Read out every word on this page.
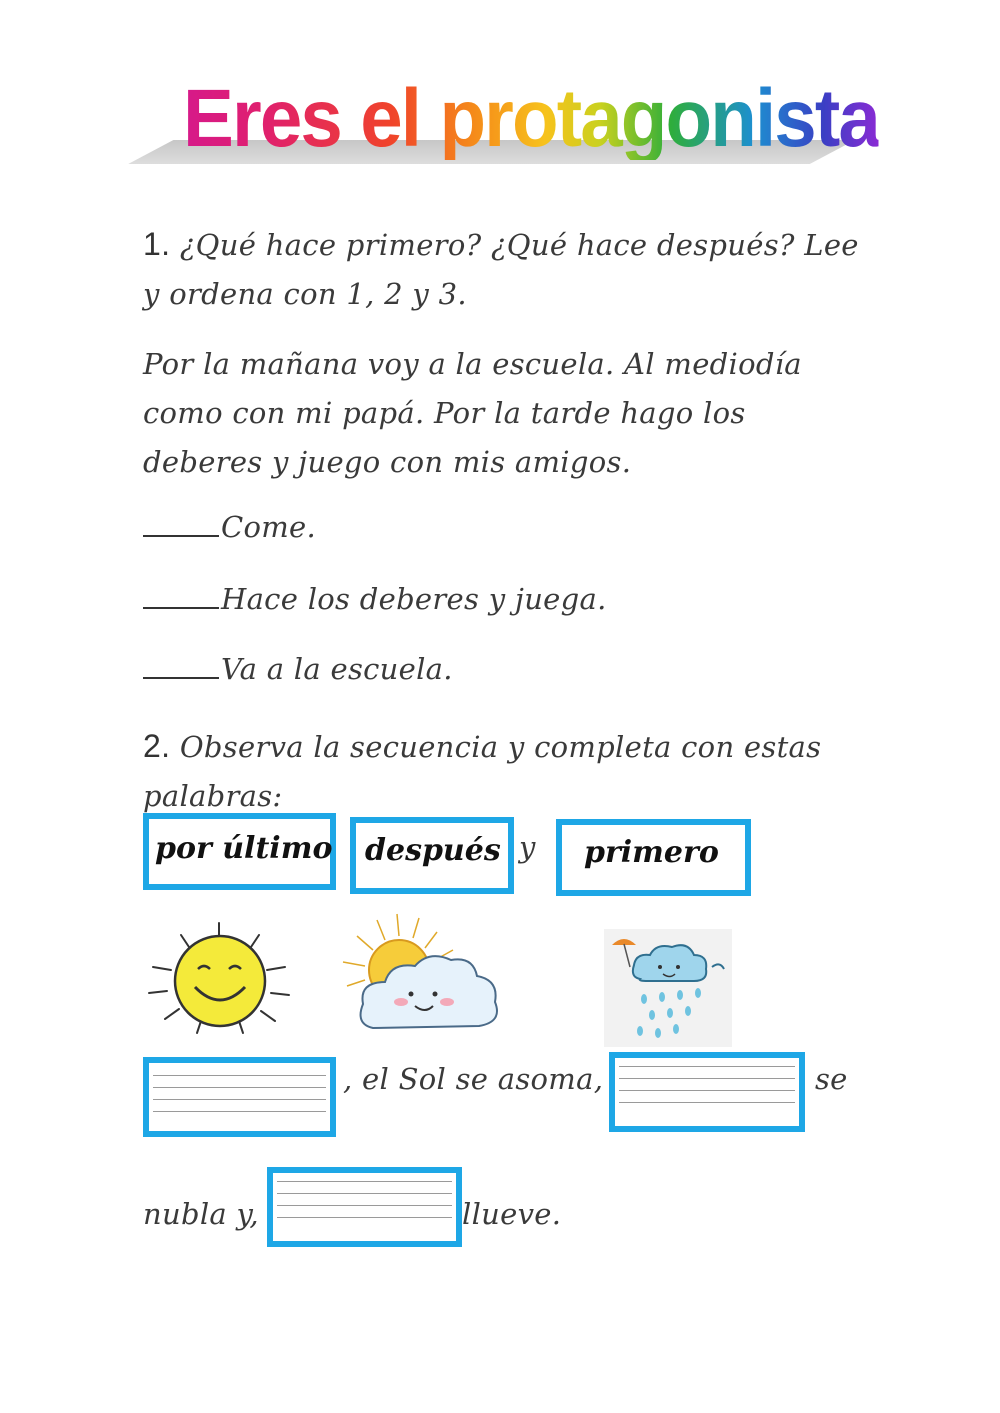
Eres el protagonista
1. ¿Qué hace primero? ¿Qué hace después? Lee
y ordena con 1, 2 y 3.
Por la mañana voy a la escuela. Al mediodía
como con mi papá. Por la tarde hago los
deberes y juego con mis amigos.
Come.
Hace los deberes y juega.
Va a la escuela.
2. Observa la secuencia y completa con estas
palabras:
por último después y primero
, el Sol se asoma,	se
nubla y,	llueve.
